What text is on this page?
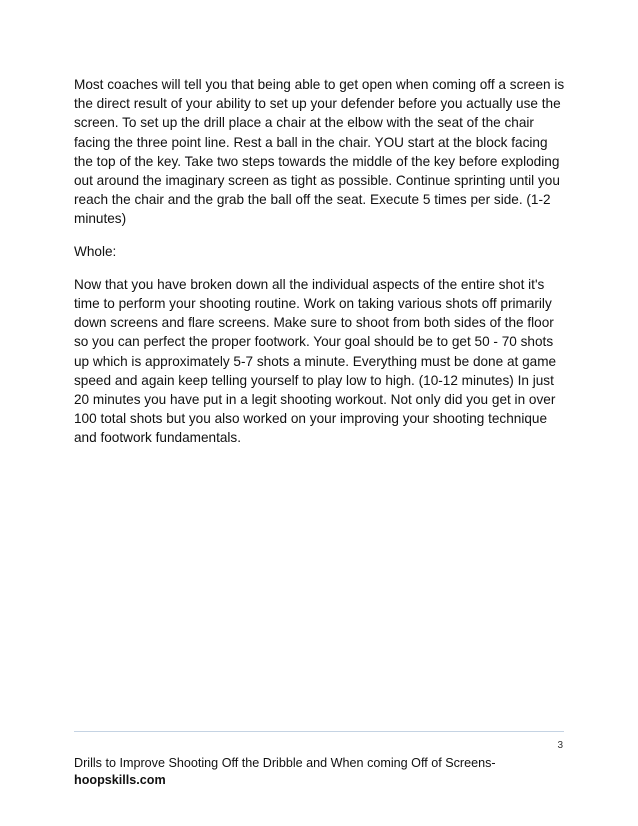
Most coaches will tell you that being able to get open when coming off a screen is the direct result of your ability to set up your defender before you actually use the screen. To set up the drill place a chair at the elbow with the seat of the chair facing the three point line. Rest a ball in the chair. YOU start at the block facing the top of the key. Take two steps towards the middle of the key before exploding out around the imaginary screen as tight as possible. Continue sprinting until you reach the chair and the grab the ball off the seat. Execute 5 times per side. (1-2 minutes)

Whole:

Now that you have broken down all the individual aspects of the entire shot it's time to perform your shooting routine. Work on taking various shots off primarily down screens and flare screens. Make sure to shoot from both sides of the floor so you can perfect the proper footwork. Your goal should be to get 50 - 70 shots up which is approximately 5-7 shots a minute. Everything must be done at game speed and again keep telling yourself to play low to high. (10-12 minutes) In just 20 minutes you have put in a legit shooting workout. Not only did you get in over 100 total shots but you also worked on your improving your shooting technique and footwork fundamentals.

3
Drills to Improve Shooting Off the Dribble and When coming Off of Screens-
hoopskills.com
